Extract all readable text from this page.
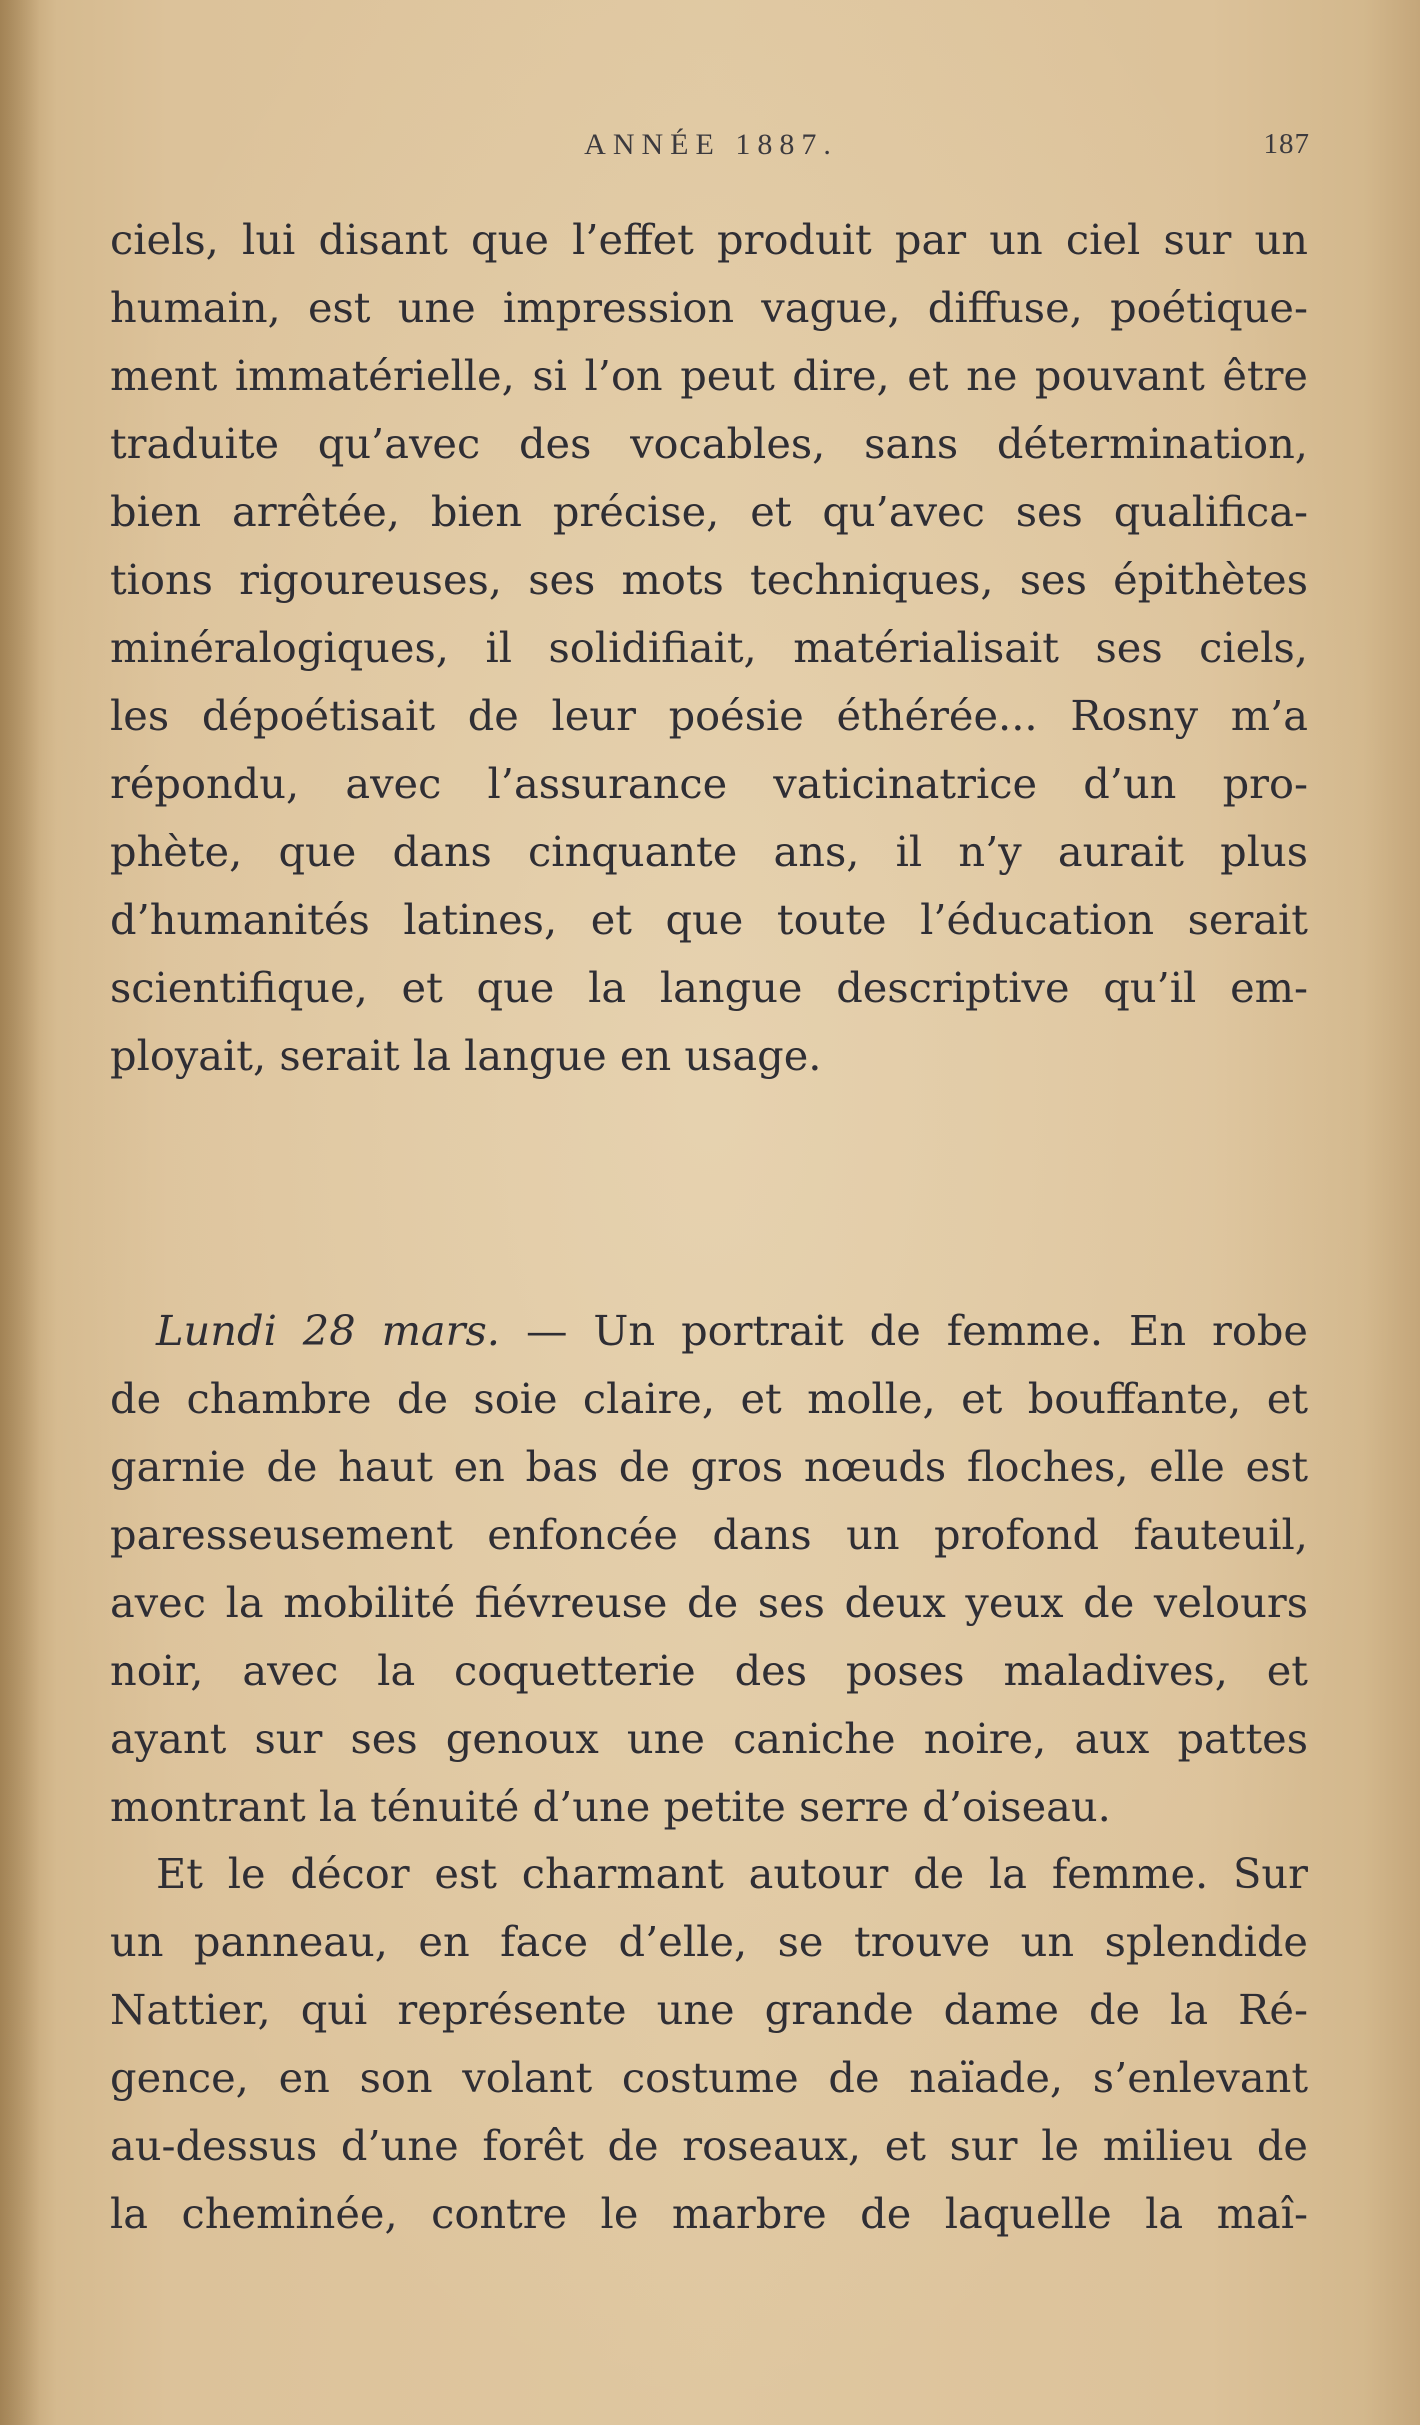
ANNÉE 1887.	187
ciels, lui disant que l’effet produit par un ciel sur un
humain, est une impression vague, diffuse, poétique-
ment immatérielle, si l’on peut dire, et ne pouvant être
traduite qu’avec des vocables, sans détermination,
bien arrêtée, bien précise, et qu’avec ses qualifica-
tions rigoureuses, ses mots techniques, ses épithètes
minéralogiques, il solidifiait, matérialisait ses ciels,
les dépoétisait de leur poésie éthérée... Rosny m’a
répondu, avec l’assurance vaticinatrice d’un pro-
phète, que dans cinquante ans, il n’y aurait plus
d’humanités latines, et que toute l’éducation serait
scientifique, et que la langue descriptive qu’il em-
ployait, serait la langue en usage.
Lundi 28 mars. — Un portrait de femme. En robe
de chambre de soie claire, et molle, et bouffante, et
garnie de haut en bas de gros nœuds floches, elle est
paresseusement enfoncée dans un profond fauteuil,
avec la mobilité fiévreuse de ses deux yeux de velours
noir, avec la coquetterie des poses maladives, et
ayant sur ses genoux une caniche noire, aux pattes
montrant la ténuité d’une petite serre d’oiseau.
Et le décor est charmant autour de la femme. Sur
un panneau, en face d’elle, se trouve un splendide
Nattier, qui représente une grande dame de la Ré-
gence, en son volant costume de naïade, s’enlevant
au-dessus d’une forêt de roseaux, et sur le milieu de
la cheminée, contre le marbre de laquelle la maî-
